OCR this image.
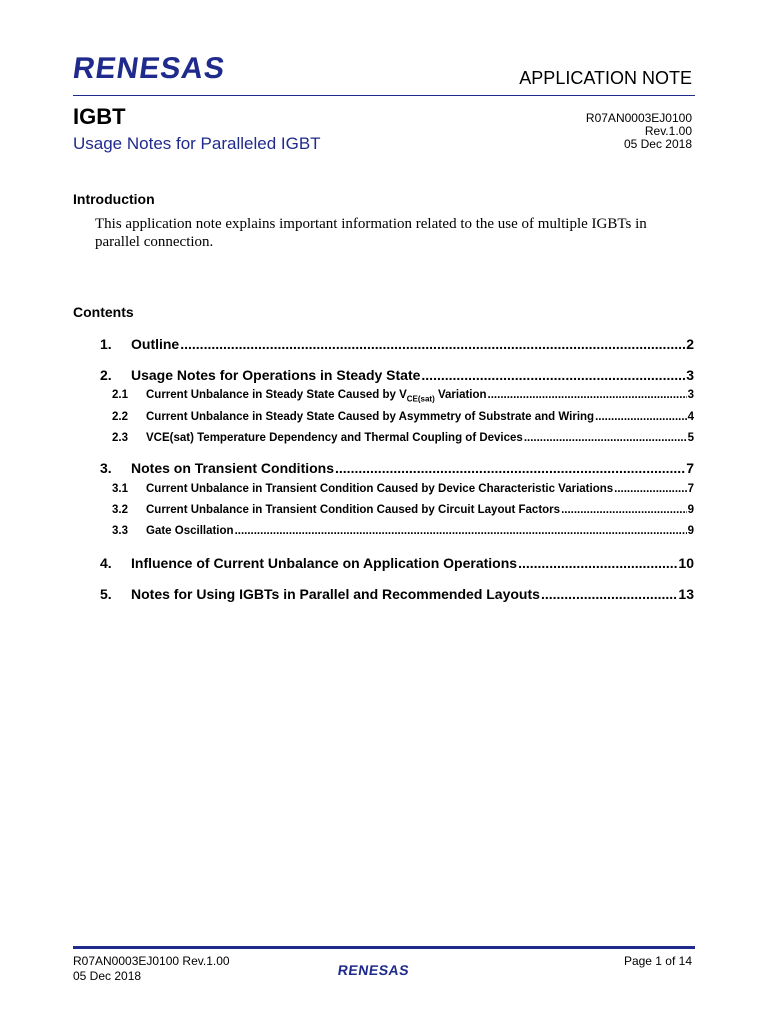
RENESAS	APPLICATION NOTE
IGBT
Usage Notes for Paralleled IGBT
R07AN0003EJ0100
Rev.1.00
05 Dec 2018
Introduction
This application note explains important information related to the use of multiple IGBTs in parallel connection.
Contents
1.	Outline .....	2
2.	Usage Notes for Operations in Steady State .....	3
2.1	Current Unbalance in Steady State Caused by $V_{CE(sat)}$ Variation .....	3
2.2	Current Unbalance in Steady State Caused by Asymmetry of Substrate and Wiring .....	4
2.3	VCE(sat) Temperature Dependency and Thermal Coupling of Devices .....	5
3.	Notes on Transient Conditions .....	7
3.1	Current Unbalance in Transient Condition Caused by Device Characteristic Variations .....	7
3.2	Current Unbalance in Transient Condition Caused by Circuit Layout Factors .....	9
3.3	Gate Oscillation .....	9
4.	Influence of Current Unbalance on Application Operations .....	10
5.	Notes for Using IGBTs in Parallel and Recommended Layouts .....	13
R07AN0003EJ0100 Rev.1.00
05 Dec 2018	RENESAS
Page 1 of 14
